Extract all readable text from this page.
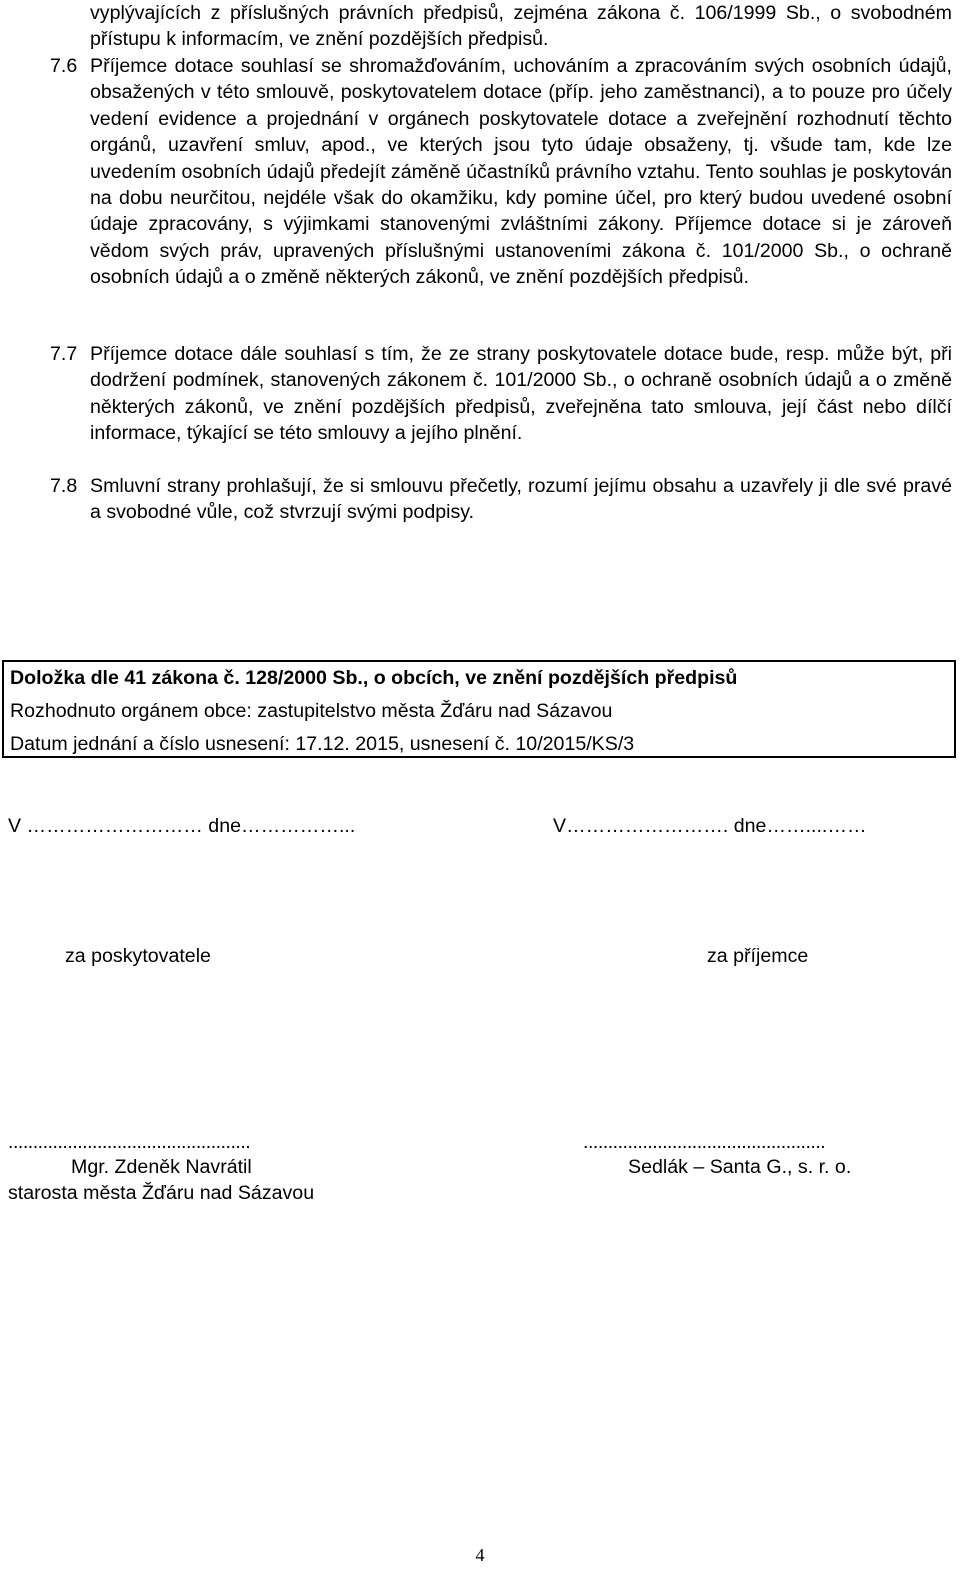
vyplývajících z příslušných právních předpisů, zejména zákona č. 106/1999 Sb., o svobodném přístupu k informacím, ve znění pozdějších předpisů.
7.6 Příjemce dotace souhlasí se shromažďováním, uchováním a zpracováním svých osobních údajů, obsažených v této smlouvě, poskytovatelem dotace (příp. jeho zaměstnanci), a to pouze pro účely vedení evidence a projednání v orgánech poskytovatele dotace a zveřejnění rozhodnutí těchto orgánů, uzavření smluv, apod., ve kterých jsou tyto údaje obsaženy, tj. všude tam, kde lze uvedením osobních údajů předejít záměně účastníků právního vztahu. Tento souhlas je poskytován na dobu neurčitou, nejdéle však do okamžiku, kdy pomine účel, pro který budou uvedené osobní údaje zpracovány, s výjimkami stanovenými zvláštními zákony. Příjemce dotace si je zároveň vědom svých práv, upravených příslušnými ustanoveními zákona č. 101/2000 Sb., o ochraně osobních údajů a o změně některých zákonů, ve znění pozdějších předpisů.
7.7 Příjemce dotace dále souhlasí s tím, že ze strany poskytovatele dotace bude, resp. může být, při dodržení podmínek, stanovených zákonem č. 101/2000 Sb., o ochraně osobních údajů a o změně některých zákonů, ve znění pozdějších předpisů, zveřejněna tato smlouva, její část nebo dílčí informace, týkající se této smlouvy a jejího plnění.
7.8 Smluvní strany prohlašují, že si smlouvu přečetly, rozumí jejímu obsahu a uzavřely ji dle své pravé a svobodné vůle, což stvrzují svými podpisy.
Doložka dle 41 zákona č. 128/2000 Sb., o obcích, ve znění pozdějších předpisů
Rozhodnuto orgánem obce: zastupitelstvo města Žďáru nad Sázavou
Datum jednání a číslo usnesení: 17.12. 2015, usnesení č. 10/2015/KS/3
V ……………………… dne……………...	V……………………. dne……....……
za poskytovatele	za příjemce
.................................................	.................................................
Mgr. Zdeněk Navrátil
starosta města Žďáru nad Sázavou
Sedlák – Santa G., s. r. o.
4
